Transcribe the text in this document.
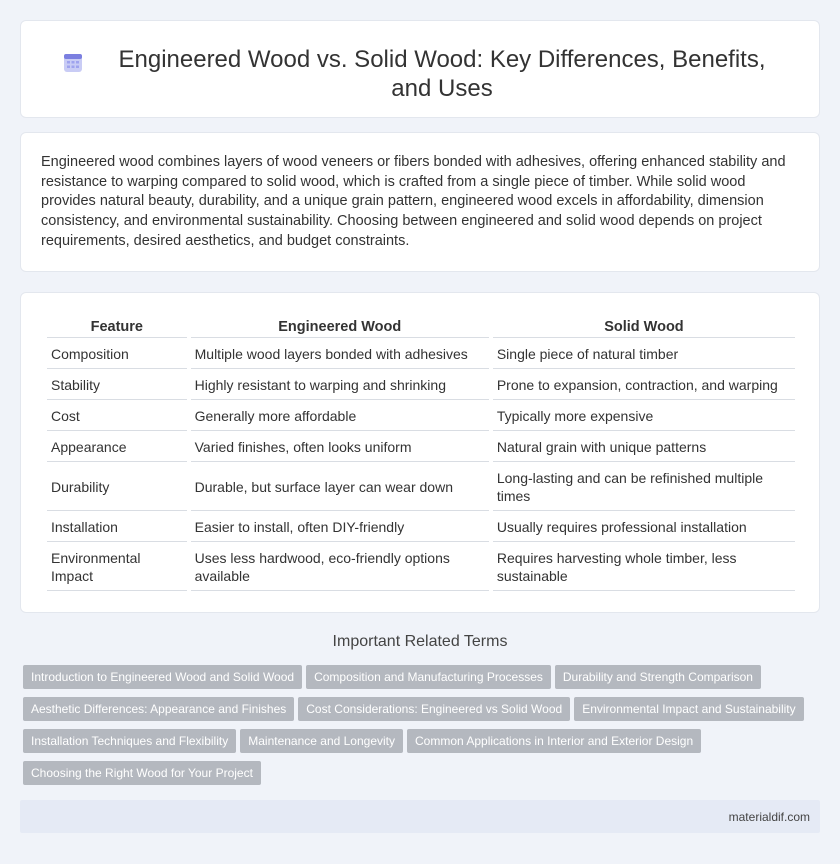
Engineered Wood vs. Solid Wood: Key Differences, Benefits, and Uses

Engineered wood combines layers of wood veneers or fibers bonded with adhesives, offering enhanced stability and resistance to warping compared to solid wood, which is crafted from a single piece of timber. While solid wood provides natural beauty, durability, and a unique grain pattern, engineered wood excels in affordability, dimension consistency, and environmental sustainability. Choosing between engineered and solid wood depends on project requirements, desired aesthetics, and budget constraints.

Feature	Engineered Wood	Solid Wood
Composition	Multiple wood layers bonded with adhesives	Single piece of natural timber
Stability	Highly resistant to warping and shrinking	Prone to expansion, contraction, and warping
Cost	Generally more affordable	Typically more expensive
Appearance	Varied finishes, often looks uniform	Natural grain with unique patterns
Durability	Durable, but surface layer can wear down	Long-lasting and can be refinished multiple times
Installation	Easier to install, often DIY-friendly	Usually requires professional installation
Environmental Impact	Uses less hardwood, eco-friendly options available	Requires harvesting whole timber, less sustainable
Important Related Terms
Introduction to Engineered Wood and Solid Wood Composition and Manufacturing Processes Durability and Strength Comparison
Aesthetic Differences: Appearance and Finishes Cost Considerations: Engineered vs Solid Wood Environmental Impact and Sustainability
Installation Techniques and Flexibility Maintenance and Longevity Common Applications in Interior and Exterior Design
Choosing the Right Wood for Your Project
materialdif.com
